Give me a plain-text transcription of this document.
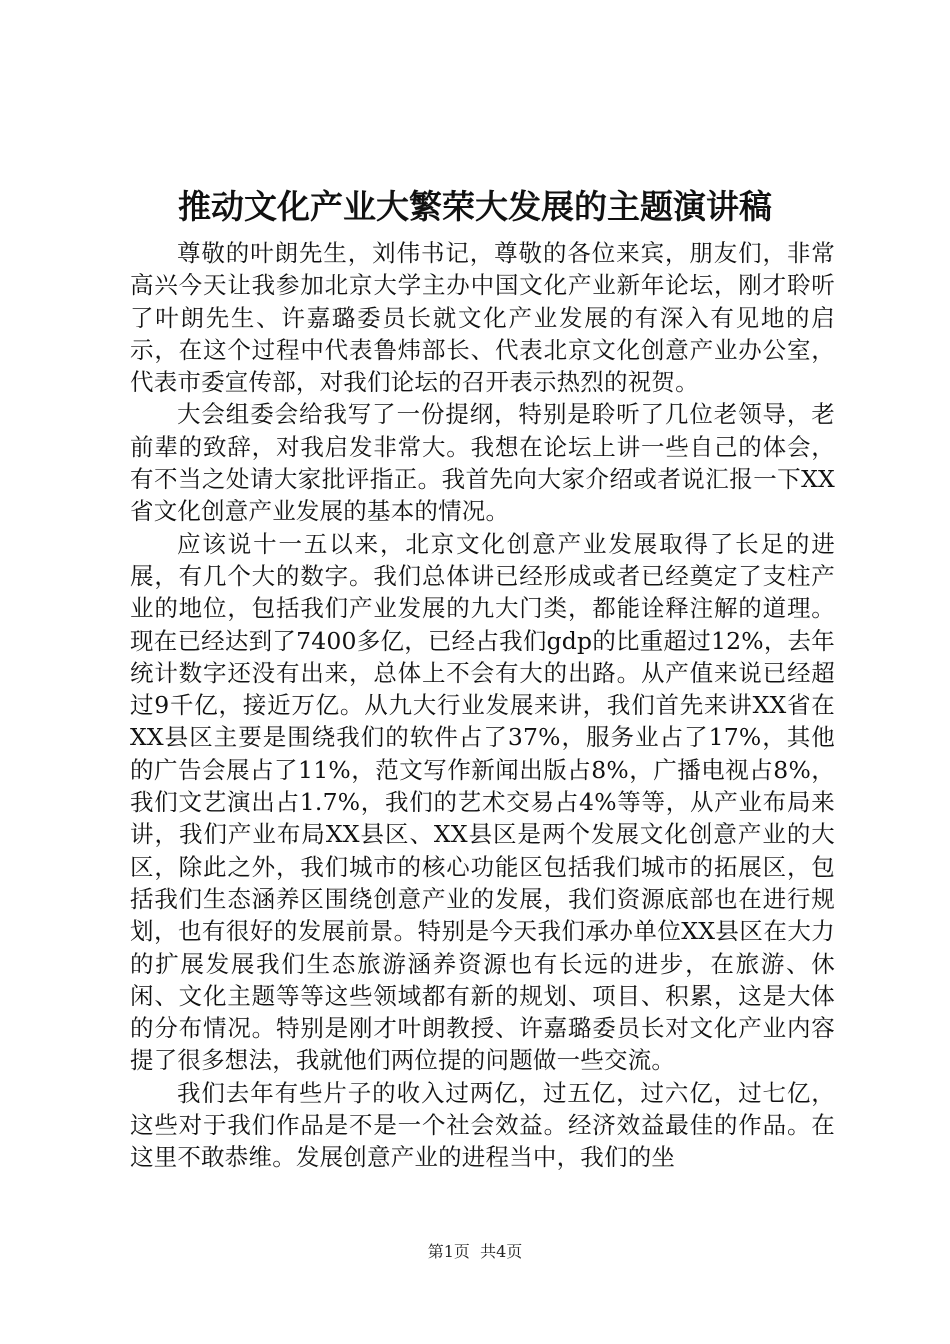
推动文化产业大繁荣大发展的主题演讲稿

尊敬的叶朗先生，刘伟书记，尊敬的各位来宾，朋友们，非常高兴今天让我参加北京大学主办中国文化产业新年论坛，刚才聆听了叶朗先生、许嘉璐委员长就文化产业发展的有深入有见地的启示，在这个过程中代表鲁炜部长、代表北京文化创意产业办公室，代表市委宣传部，对我们论坛的召开表示热烈的祝贺。

大会组委会给我写了一份提纲，特别是聆听了几位老领导，老前辈的致辞，对我启发非常大。我想在论坛上讲一些自己的体会，有不当之处请大家批评指正。我首先向大家介绍或者说汇报一下XX省文化创意产业发展的基本的情况。

应该说十一五以来，北京文化创意产业发展取得了长足的进展，有几个大的数字。我们总体讲已经形成或者已经奠定了支柱产业的地位，包括我们产业发展的九大门类，都能诠释注解的道理。现在已经达到了7400多亿，已经占我们gdp的比重超过12%，去年统计数字还没有出来，总体上不会有大的出路。从产值来说已经超过9千亿，接近万亿。从九大行业发展来讲，我们首先来讲XX省在XX县区主要是围绕我们的软件占了37%，服务业占了17%，其他的广告会展占了11%，范文写作新闻出版占8%，广播电视占8%，我们文艺演出占1.7%，我们的艺术交易占4%等等，从产业布局来讲，我们产业布局XX县区、XX县区是两个发展文化创意产业的大区，除此之外，我们城市的核心功能区包括我们城市的拓展区，包括我们生态涵养区围绕创意产业的发展，我们资源底部也在进行规划，也有很好的发展前景。特别是今天我们承办单位XX县区在大力的扩展发展我们生态旅游涵养资源也有长远的进步，在旅游、休闲、文化主题等等这些领域都有新的规划、项目、积累，这是大体的分布情况。特别是刚才叶朗教授、许嘉璐委员长对文化产业内容提了很多想法，我就他们两位提的问题做一些交流。

我们去年有些片子的收入过两亿，过五亿，过六亿，过七亿，这些对于我们作品是不是一个社会效益。经济效益最佳的作品。在这里不敢恭维。发展创意产业的进程当中，我们的坐

第1页 共4页
